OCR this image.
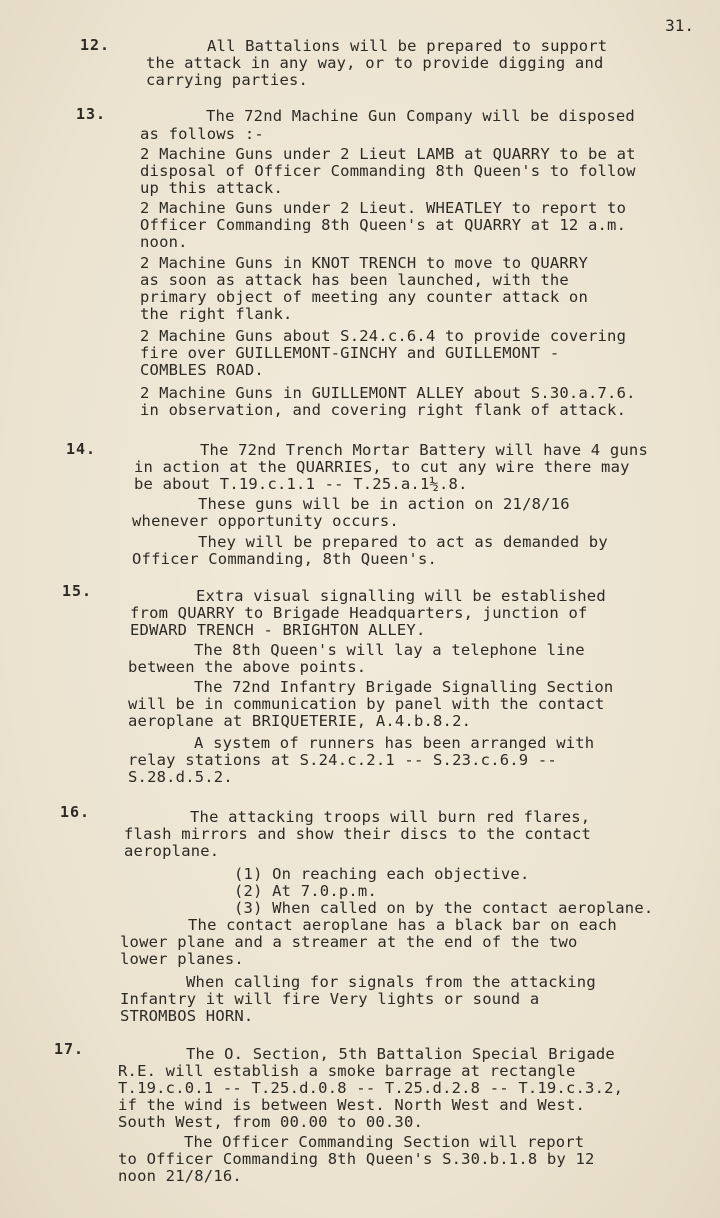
31.
12.	All Battalions will be prepared to support
the attack in any way, or to provide digging and
carrying parties.
13.	The 72nd Machine Gun Company will be disposed
as follows :-
2 Machine Guns under 2 Lieut LAMB at QUARRY to be at
disposal of Officer Commanding 8th Queen's to follow
up this attack.
2 Machine Guns under 2 Lieut. WHEATLEY to report to
Officer Commanding 8th Queen's at QUARRY at 12 a.m.
noon.
2 Machine Guns in KNOT TRENCH to move to QUARRY
as soon as attack has been launched, with the
primary object of meeting any counter attack on
the right flank.
2 Machine Guns about S.24.c.6.4 to provide covering
fire over GUILLEMONT-GINCHY and GUILLEMONT -
COMBLES ROAD.
2 Machine Guns in GUILLEMONT ALLEY about S.30.a.7.6.
in observation, and covering right flank of attack.
14.	The 72nd Trench Mortar Battery will have 4 guns
in action at the QUARRIES, to cut any wire there may
be about T.19.c.1.1 -- T.25.a.1½.8.
These guns will be in action on 21/8/16
whenever opportunity occurs.
They will be prepared to act as demanded by
Officer Commanding, 8th Queen's.
15.	Extra visual signalling will be established
from QUARRY to Brigade Headquarters, junction of
EDWARD TRENCH - BRIGHTON ALLEY.
The 8th Queen's will lay a telephone line
between the above points.
The 72nd Infantry Brigade Signalling Section
will be in communication by panel with the contact
aeroplane at BRIQUETERIE, A.4.b.8.2.
A system of runners has been arranged with
relay stations at S.24.c.2.1 -- S.23.c.6.9 --
S.28.d.5.2.
16.	The attacking troops will burn red flares,
flash mirrors and show their discs to the contact
aeroplane.
(1) On reaching each objective.
(2) At 7.0.p.m.
(3) When called on by the contact aeroplane.
The contact aeroplane has a black bar on each
lower plane and a streamer at the end of the two
lower planes.
When calling for signals from the attacking
Infantry it will fire Very lights or sound a
STROMBOS HORN.
17.	The O. Section, 5th Battalion Special Brigade
R.E. will establish a smoke barrage at rectangle
T.19.c.0.1 -- T.25.d.0.8 -- T.25.d.2.8 -- T.19.c.3.2,
if the wind is between West. North West and West.
South West, from 00.00 to 00.30.
The Officer Commanding Section will report
to Officer Commanding 8th Queen's S.30.b.1.8 by 12
noon 21/8/16.
